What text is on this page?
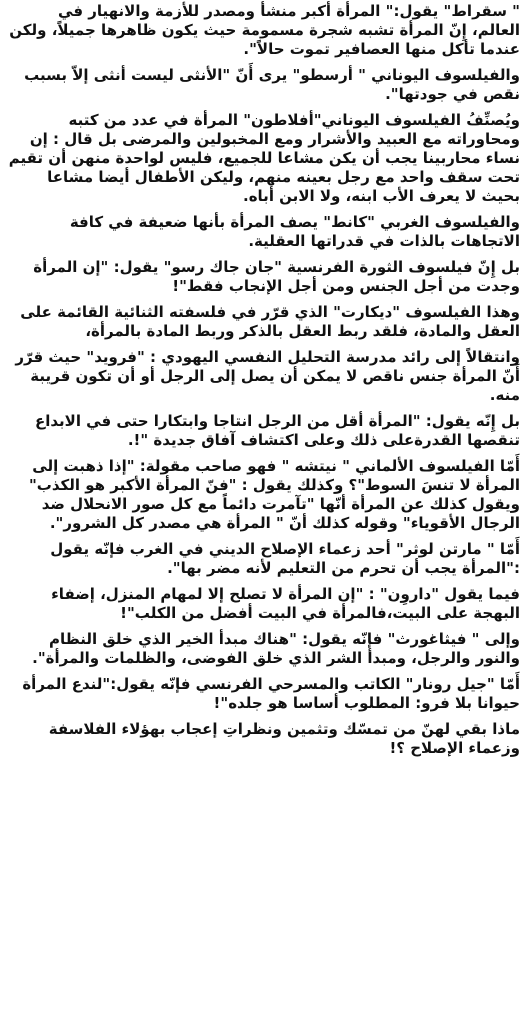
" سقراط" يقول:" المرأة أكبر منشأ ومصدر للأزمة والانهيار في العالم، إِنّ المرأة تشبه شجرة مسمومة حيث يكون ظاهرها جميلاً، ولكن عندما تأكل منها العصافير تموت حالاً".

والفيلسوف اليوناني " أرسطو" يرى أَنّ "الأنثى ليست أنثى إلاّ بسبب نقص في جودتها".

ويُصنِّفُ الفيلسوف اليوناني"أفلاطون" المرأة في عدد من كتبه ومحاوراته مع العبيد والأشرار ومع المخبولين والمرضى بل قال : إن نساء محاربينا يجب أن يكن مشاعا للجميع، فليس لواحدة منهن أن تقيم تحت سقف واحد مع رجل بعينه منهم، وليكن الأطفال أيضا مشاعا بحيث لا يعرف الأب ابنه، ولا الابن أباه.

والفيلسوف الغربي "كانط" يصف المرأة بأنها ضعيفة في كافة الاتجاهات بالذات في قدراتها العقلية.

بل إِنّ فيلسوف الثورة الفرنسية "جان جاك رسو" يقول: "إن المرأة وجدت من أجل الجنس ومن أجل الإنجاب فقط"!

وهذا الفيلسوف "ديكارت" الذي قرّر في فلسفته الثنائية القائمة على العقل والمادة، فلقد ربط العقل بالذكر وربط المادة بالمرأة،

وانتقالاً إلى رائد مدرسة التحليل النفسي اليهودي : "فرويد" حيث قرّر أَنّ المرأة جنس ناقص لا يمكن أن يصل إلى الرجل أو أن تكون قريبة منه.

بل إِنّه يقول: "المرأة أقل من الرجل انتاجا وابتكارا حتى في الابداع تنقصها القدرةعلى ذلك وعلى اكتشاف آفاق جديدة "!.

أَمّا الفيلسوف الألماني " نيتشه " فهو صاحب مقولة: "إذا ذهبت إلى المرأة لا تنسَ السوط"؟ وكذلك يقول : "فنّ المرأة الأكبر هو الكذب" ويقول كذلك عن المرأة أنّها "تآمرت دائماً مع كل صور الانحلال ضد الرجال الأقوياء" وقوله كذلك أنّ " المرأة هي مصدر كل الشرور".

أَمّا " مارتن لوثر" أحد زعماء الإصلاح الديني في الغرب فإنّه يقول :"المرأة يجب أن تحرم من التعليم لأنه مضر بها".

فيما يقول "داروِن" : "إن المرأة لا تصلح إلا لمهام المنزل، إضفاء البهجة على البيت،فالمرأة في البيت أفضل من الكلب"!

وإلى " فيثاغورث" فإنّه يقول: "هناك مبدأ الخير الذي خلق النظام والنور والرجل، ومبدأ الشر الذي خلق الفوضى، والظلمات والمرأة".

أَمّا "جيل رونار" الكاتب والمسرحي الفرنسي فإنّه يقول:"لندع المرأة حيوانا بلا فرو: المطلوب أساسا هو جلده"!

ماذا بقي لهنّ من تمسّك وتثمين ونظراتِ إعجاب بهؤلاء الفلاسفة وزعماء الإصلاح ؟!
